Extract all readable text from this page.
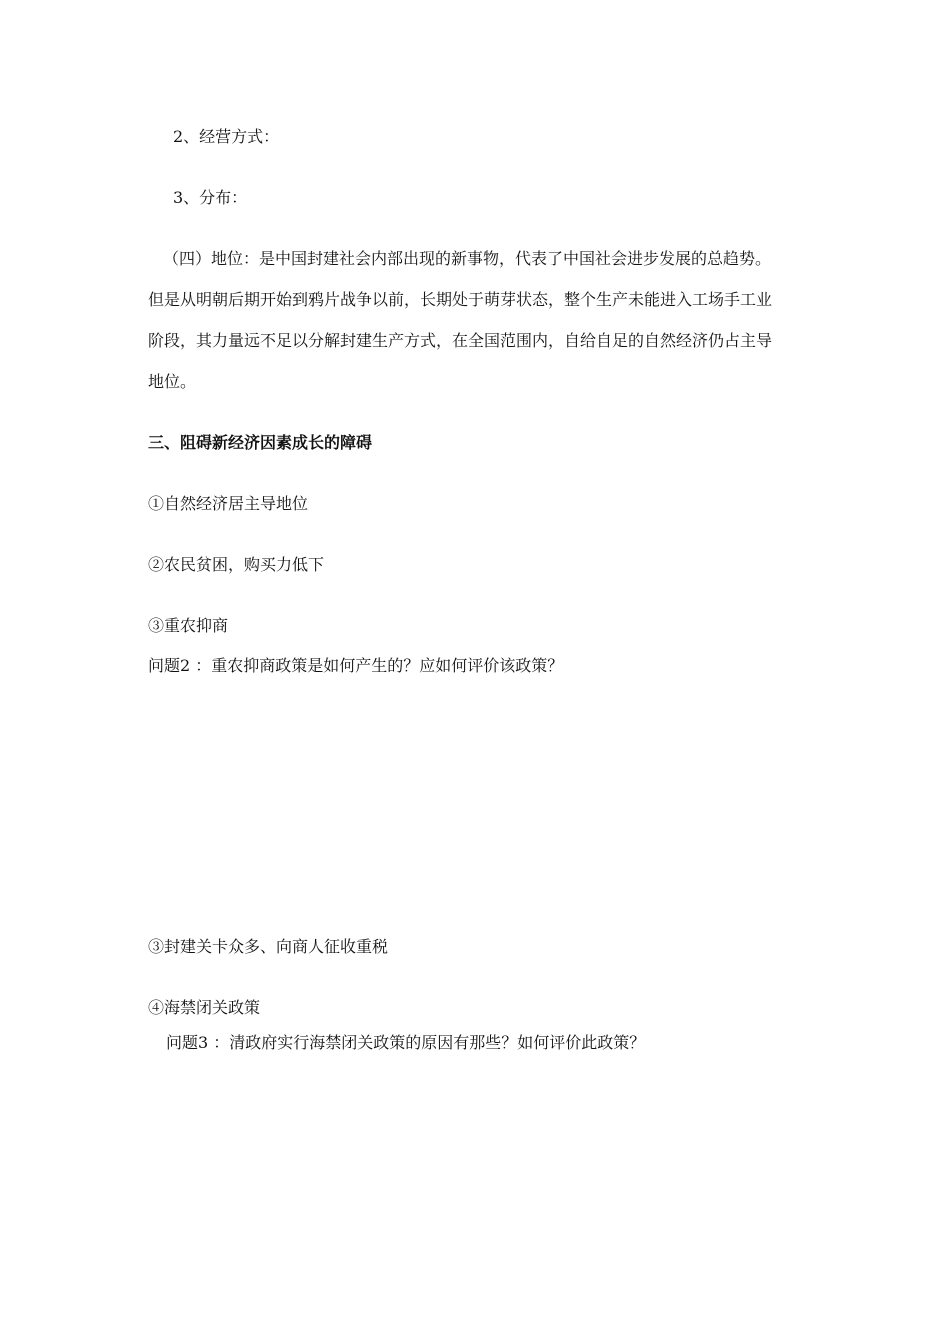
2、经营方式：

3、分布：

（四）地位：是中国封建社会内部出现的新事物，代表了中国社会进步发展的总趋势。

但是从明朝后期开始到鸦片战争以前，长期处于萌芽状态，整个生产未能进入工场手工业

阶段，其力量远不足以分解封建生产方式，在全国范围内，自给自足的自然经济仍占主导

地位。

三、阻碍新经济因素成长的障碍

①自然经济居主导地位

②农民贫困，购买力低下

③重农抑商

问题2 ：重农抑商政策是如何产生的？应如何评价该政策？

③封建关卡众多、向商人征收重税

④海禁闭关政策

问题3 ：清政府实行海禁闭关政策的原因有那些？如何评价此政策？
